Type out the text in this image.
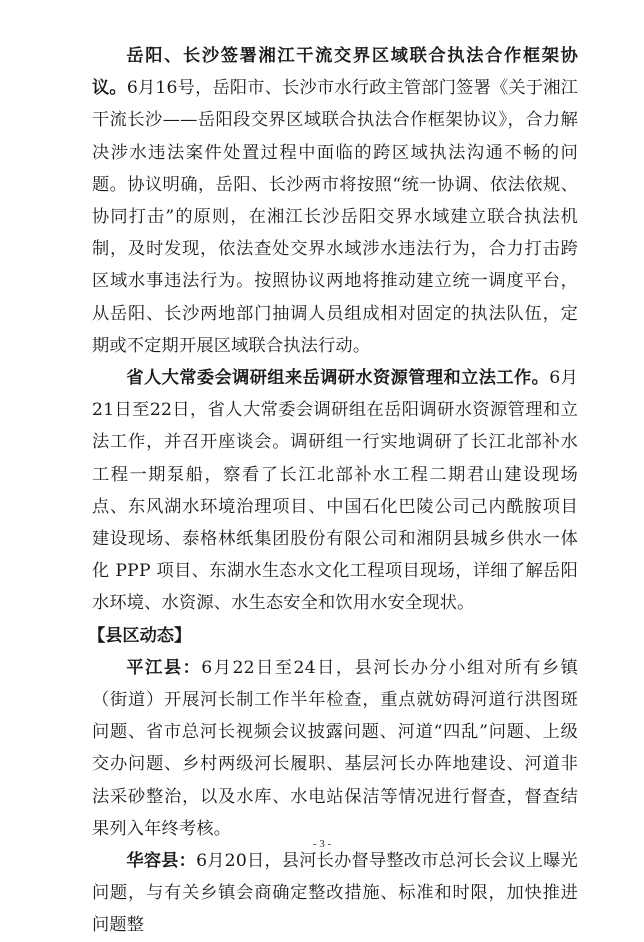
岳阳、长沙签署湘江干流交界区域联合执法合作框架协议。6月16号，岳阳市、长沙市水行政主管部门签署《关于湘江干流长沙——岳阳段交界区域联合执法合作框架协议》，合力解决涉水违法案件处置过程中面临的跨区域执法沟通不畅的问题。协议明确，岳阳、长沙两市将按照“统一协调、依法依规、协同打击”的原则，在湘江长沙岳阳交界水域建立联合执法机制，及时发现，依法查处交界水域涉水违法行为，合力打击跨区域水事违法行为。按照协议两地将推动建立统一调度平台，从岳阳、长沙两地部门抽调人员组成相对固定的执法队伍，定期或不定期开展区域联合执法行动。

省人大常委会调研组来岳调研水资源管理和立法工作。6月21日至22日，省人大常委会调研组在岳阳调研水资源管理和立法工作，并召开座谈会。调研组一行实地调研了长江北部补水工程一期泵船，察看了长江北部补水工程二期君山建设现场点、东风湖水环境治理项目、中国石化巴陵公司己内酰胺项目建设现场、泰格林纸集团股份有限公司和湘阴县城乡供水一体化 PPP 项目、东湖水生态水文化工程项目现场，详细了解岳阳水环境、水资源、水生态安全和饮用水安全现状。

【县区动态】

平江县：6月22日至24日，县河长办分小组对所有乡镇（街道）开展河长制工作半年检查，重点就妨碍河道行洪图斑问题、省市总河长视频会议披露问题、河道“四乱”问题、上级交办问题、乡村两级河长履职、基层河长办阵地建设、河道非法采砂整治，以及水库、水电站保洁等情况进行督查，督查结果列入年终考核。

华容县：6月20日，县河长办督导整改市总河长会议上曝光问题，与有关乡镇会商确定整改措施、标准和时限，加快推进问题整

- 3 -
